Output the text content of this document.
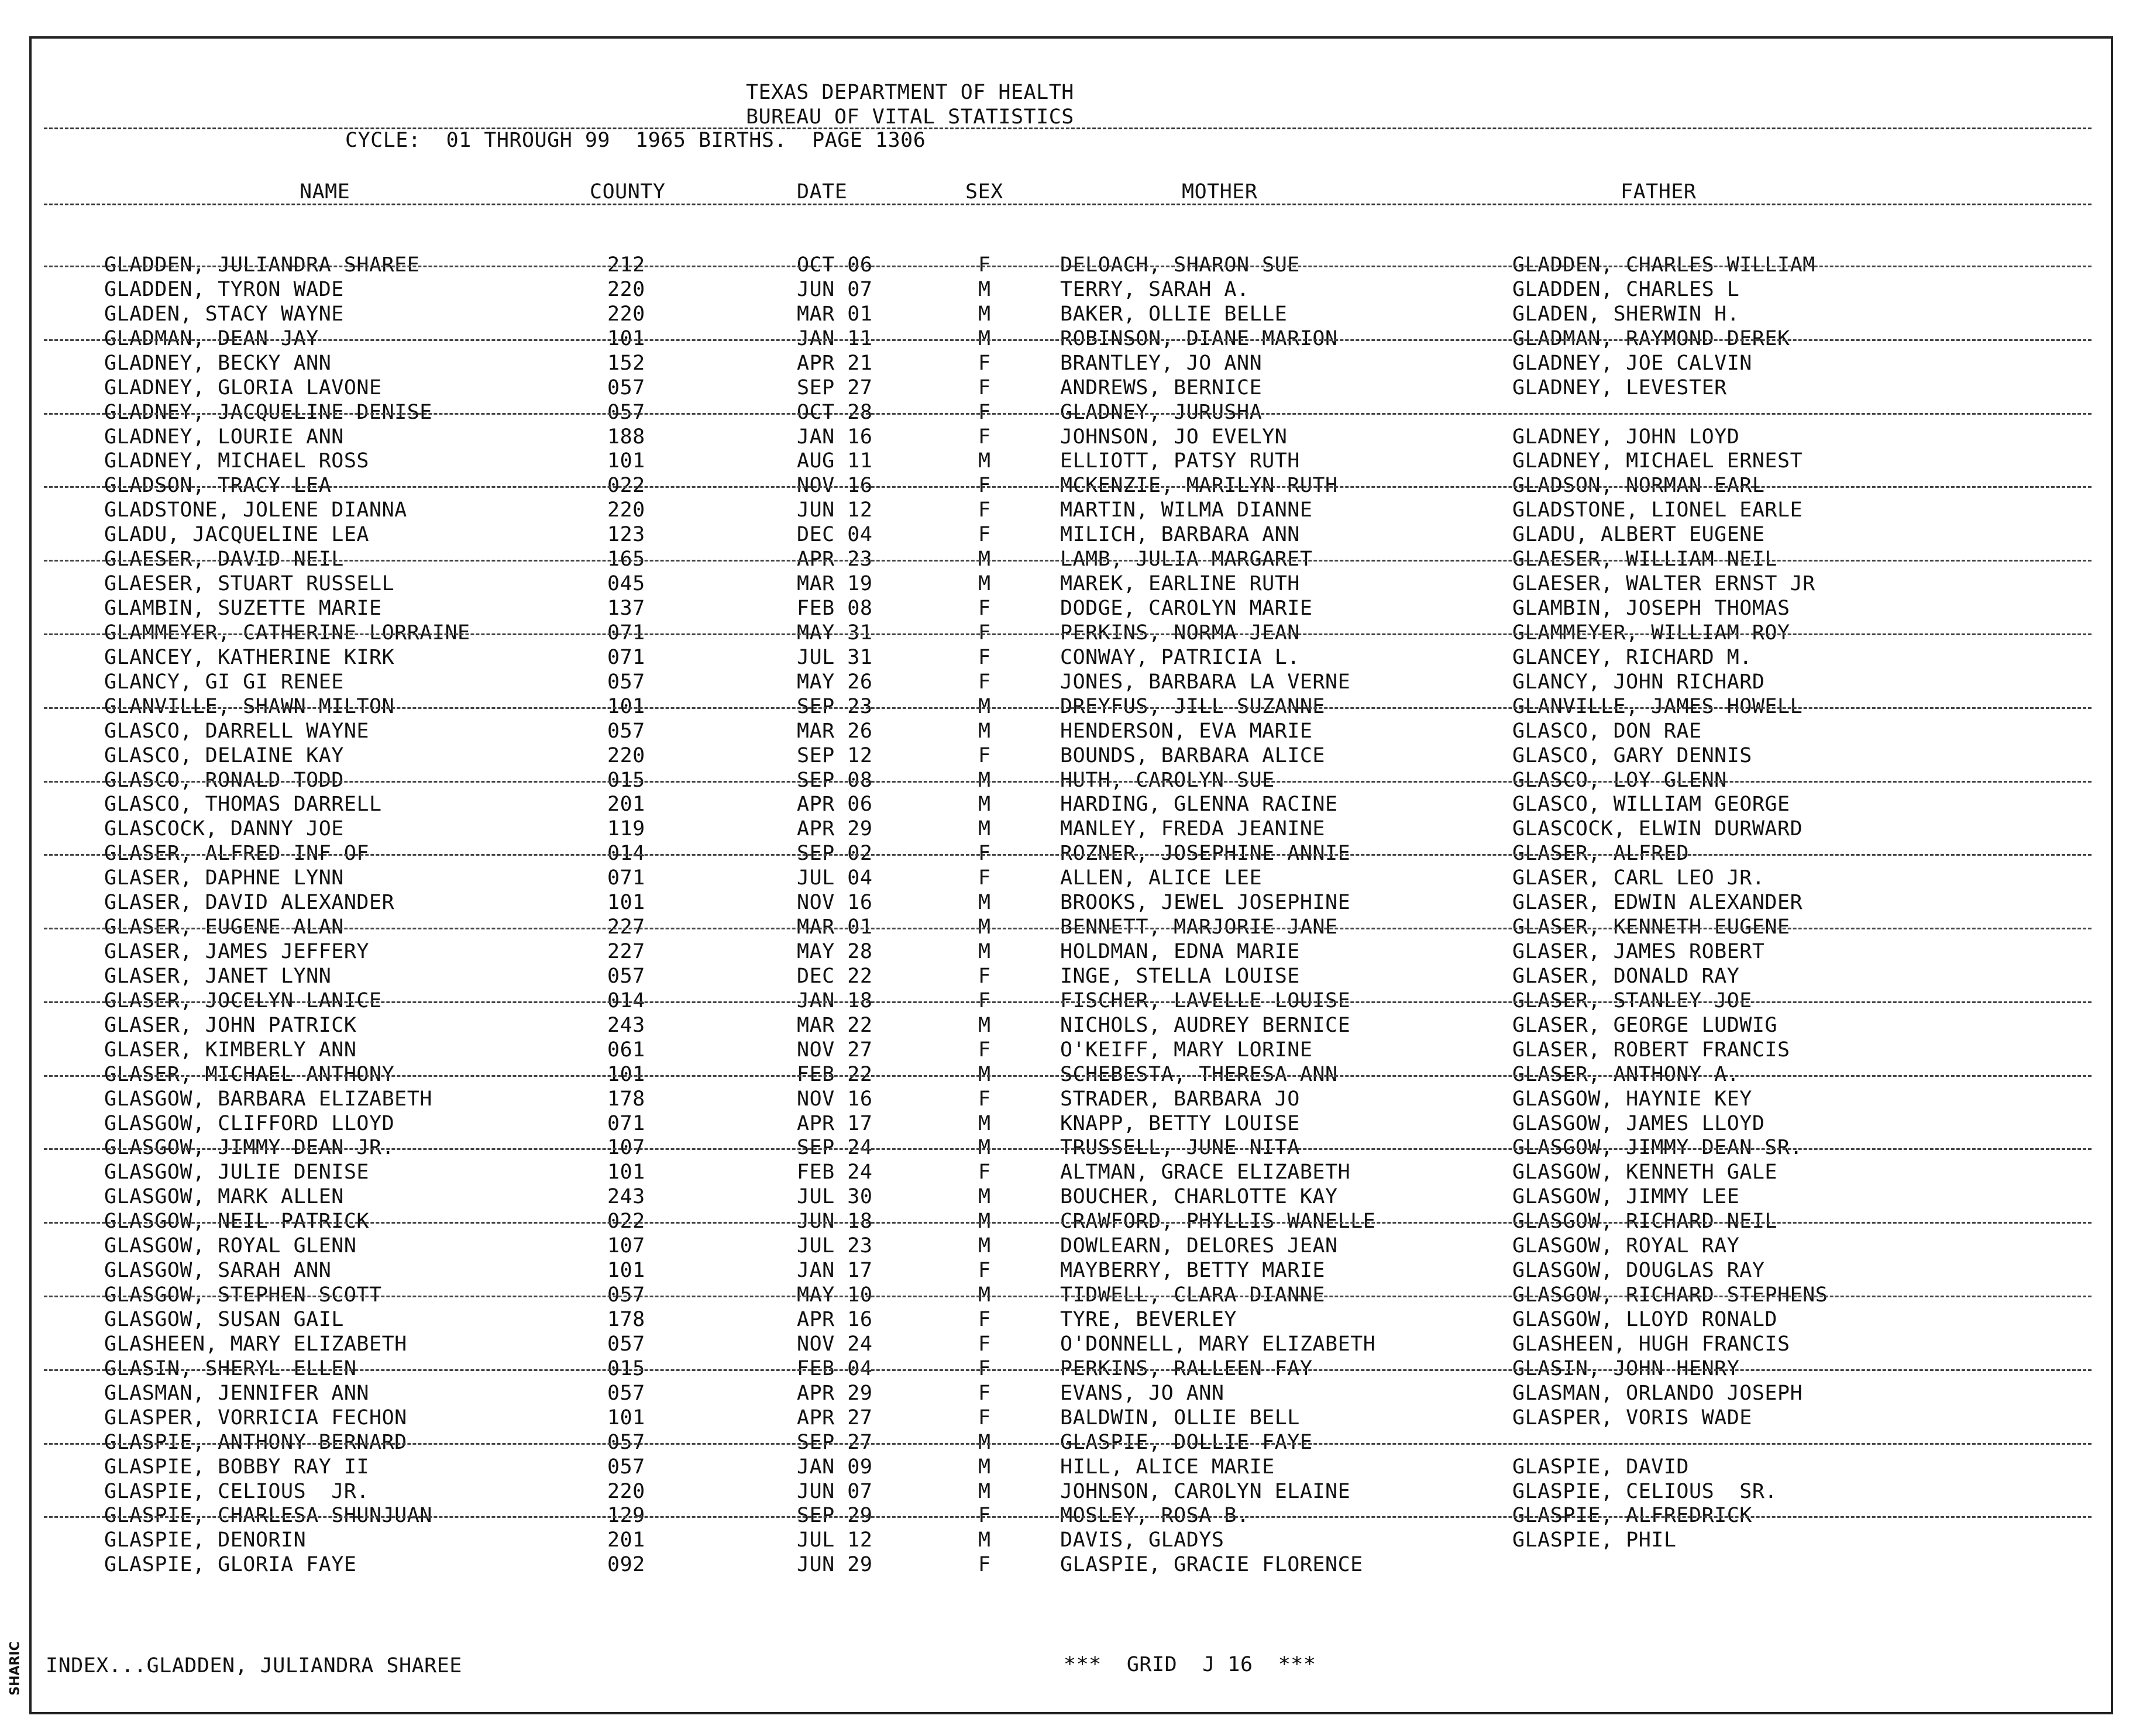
TEXAS DEPARTMENT OF HEALTH
BUREAU OF VITAL STATISTICS
CYCLE:  01 THROUGH 99  1965 BIRTHS.  PAGE 1306
NAME	COUNTY	DATE	SEX	MOTHER	FATHER
GLADDEN, JULIANDRA SHAREE	212	OCT 06	F	DELOACH, SHARON SUE	GLADDEN, CHARLES WILLIAM
GLADDEN, TYRON WADE	220	JUN 07	M	TERRY, SARAH A.	GLADDEN, CHARLES L
GLADEN, STACY WAYNE	220	MAR 01	M	BAKER, OLLIE BELLE	GLADEN, SHERWIN H.
GLADMAN, DEAN JAY	101	JAN 11	M	ROBINSON, DIANE MARION	GLADMAN, RAYMOND DEREK
GLADNEY, BECKY ANN	152	APR 21	F	BRANTLEY, JO ANN	GLADNEY, JOE CALVIN
GLADNEY, GLORIA LAVONE	057	SEP 27	F	ANDREWS, BERNICE	GLADNEY, LEVESTER
GLADNEY, JACQUELINE DENISE	057	OCT 28	F	GLADNEY, JURUSHA
GLADNEY, LOURIE ANN	188	JAN 16	F	JOHNSON, JO EVELYN	GLADNEY, JOHN LOYD
GLADNEY, MICHAEL ROSS	101	AUG 11	M	ELLIOTT, PATSY RUTH	GLADNEY, MICHAEL ERNEST
GLADSON, TRACY LEA	022	NOV 16	F	MCKENZIE, MARILYN RUTH	GLADSON, NORMAN EARL
GLADSTONE, JOLENE DIANNA	220	JUN 12	F	MARTIN, WILMA DIANNE	GLADSTONE, LIONEL EARLE
GLADU, JACQUELINE LEA	123	DEC 04	F	MILICH, BARBARA ANN	GLADU, ALBERT EUGENE
GLAESER, DAVID NEIL	165	APR 23	M	LAMB, JULIA MARGARET	GLAESER, WILLIAM NEIL
GLAESER, STUART RUSSELL	045	MAR 19	M	MAREK, EARLINE RUTH	GLAESER, WALTER ERNST JR
GLAMBIN, SUZETTE MARIE	137	FEB 08	F	DODGE, CAROLYN MARIE	GLAMBIN, JOSEPH THOMAS
GLAMMEYER, CATHERINE LORRAINE	071	MAY 31	F	PERKINS, NORMA JEAN	GLAMMEYER, WILLIAM ROY
GLANCEY, KATHERINE KIRK	071	JUL 31	F	CONWAY, PATRICIA L.	GLANCEY, RICHARD M.
GLANCY, GI GI RENEE	057	MAY 26	F	JONES, BARBARA LA VERNE	GLANCY, JOHN RICHARD
GLANVILLE, SHAWN MILTON	101	SEP 23	M	DREYFUS, JILL SUZANNE	GLANVILLE, JAMES HOWELL
GLASCO, DARRELL WAYNE	057	MAR 26	M	HENDERSON, EVA MARIE	GLASCO, DON RAE
GLASCO, DELAINE KAY	220	SEP 12	F	BOUNDS, BARBARA ALICE	GLASCO, GARY DENNIS
GLASCO, RONALD TODD	015	SEP 08	M	HUTH, CAROLYN SUE	GLASCO, LOY GLENN
GLASCO, THOMAS DARRELL	201	APR 06	M	HARDING, GLENNA RACINE	GLASCO, WILLIAM GEORGE
GLASCOCK, DANNY JOE	119	APR 29	M	MANLEY, FREDA JEANINE	GLASCOCK, ELWIN DURWARD
GLASER, ALFRED INF OF	014	SEP 02	F	ROZNER, JOSEPHINE ANNIE	GLASER, ALFRED
GLASER, DAPHNE LYNN	071	JUL 04	F	ALLEN, ALICE LEE	GLASER, CARL LEO JR.
GLASER, DAVID ALEXANDER	101	NOV 16	M	BROOKS, JEWEL JOSEPHINE	GLASER, EDWIN ALEXANDER
GLASER, EUGENE ALAN	227	MAR 01	M	BENNETT, MARJORIE JANE	GLASER, KENNETH EUGENE
GLASER, JAMES JEFFERY	227	MAY 28	M	HOLDMAN, EDNA MARIE	GLASER, JAMES ROBERT
GLASER, JANET LYNN	057	DEC 22	F	INGE, STELLA LOUISE	GLASER, DONALD RAY
GLASER, JOCELYN LANICE	014	JAN 18	F	FISCHER, LAVELLE LOUISE	GLASER, STANLEY JOE
GLASER, JOHN PATRICK	243	MAR 22	M	NICHOLS, AUDREY BERNICE	GLASER, GEORGE LUDWIG
GLASER, KIMBERLY ANN	061	NOV 27	F	O'KEIFF, MARY LORINE	GLASER, ROBERT FRANCIS
GLASER, MICHAEL ANTHONY	101	FEB 22	M	SCHEBESTA, THERESA ANN	GLASER, ANTHONY A.
GLASGOW, BARBARA ELIZABETH	178	NOV 16	F	STRADER, BARBARA JO	GLASGOW, HAYNIE KEY
GLASGOW, CLIFFORD LLOYD	071	APR 17	M	KNAPP, BETTY LOUISE	GLASGOW, JAMES LLOYD
GLASGOW, JIMMY DEAN JR.	107	SEP 24	M	TRUSSELL, JUNE NITA	GLASGOW, JIMMY DEAN SR.
GLASGOW, JULIE DENISE	101	FEB 24	F	ALTMAN, GRACE ELIZABETH	GLASGOW, KENNETH GALE
GLASGOW, MARK ALLEN	243	JUL 30	M	BOUCHER, CHARLOTTE KAY	GLASGOW, JIMMY LEE
GLASGOW, NEIL PATRICK	022	JUN 18	M	CRAWFORD, PHYLLIS WANELLE	GLASGOW, RICHARD NEIL
GLASGOW, ROYAL GLENN	107	JUL 23	M	DOWLEARN, DELORES JEAN	GLASGOW, ROYAL RAY
GLASGOW, SARAH ANN	101	JAN 17	F	MAYBERRY, BETTY MARIE	GLASGOW, DOUGLAS RAY
GLASGOW, STEPHEN SCOTT	057	MAY 10	M	TIDWELL, CLARA DIANNE	GLASGOW, RICHARD STEPHENS
GLASGOW, SUSAN GAIL	178	APR 16	F	TYRE, BEVERLEY	GLASGOW, LLOYD RONALD
GLASHEEN, MARY ELIZABETH	057	NOV 24	F	O'DONNELL, MARY ELIZABETH	GLASHEEN, HUGH FRANCIS
GLASIN, SHERYL ELLEN	015	FEB 04	F	PERKINS, RALLEEN FAY	GLASIN, JOHN HENRY
GLASMAN, JENNIFER ANN	057	APR 29	F	EVANS, JO ANN	GLASMAN, ORLANDO JOSEPH
GLASPER, VORRICIA FECHON	101	APR 27	F	BALDWIN, OLLIE BELL	GLASPER, VORIS WADE
GLASPIE, ANTHONY BERNARD	057	SEP 27	M	GLASPIE, DOLLIE FAYE
GLASPIE, BOBBY RAY II	057	JAN 09	M	HILL, ALICE MARIE	GLASPIE, DAVID
GLASPIE, CELIOUS  JR.	220	JUN 07	M	JOHNSON, CAROLYN ELAINE	GLASPIE, CELIOUS  SR.
GLASPIE, CHARLESA SHUNJUAN	129	SEP 29	F	MOSLEY, ROSA B.	GLASPIE, ALFREDRICK
GLASPIE, DENORIN	201	JUL 12	M	DAVIS, GLADYS	GLASPIE, PHIL
GLASPIE, GLORIA FAYE	092	JUN 29	F	GLASPIE, GRACIE FLORENCE
INDEX...GLADDEN, JULIANDRA SHAREE	***  GRID  J 16  ***
SHARIC
